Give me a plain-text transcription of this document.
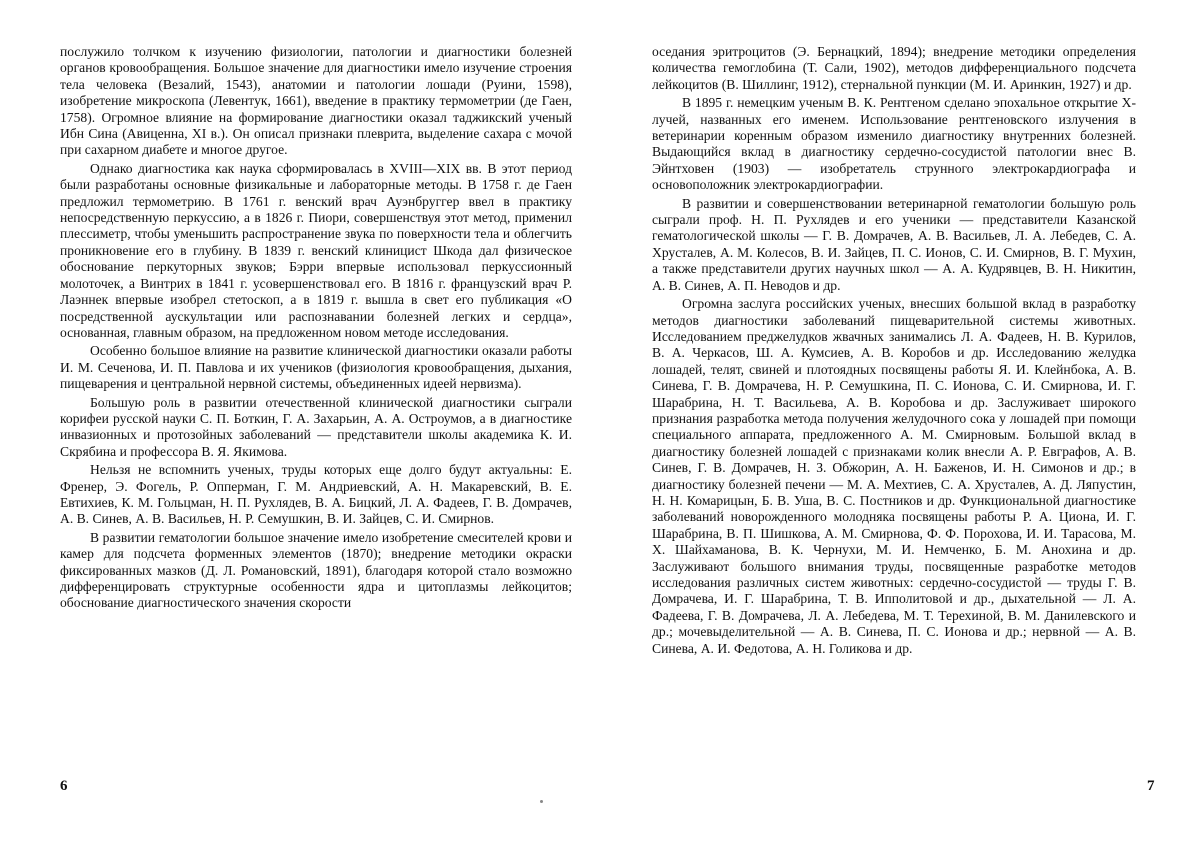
послужило толчком к изучению физиологии, патологии и диагностики болезней органов кровообращения. Большое значение для диагностики имело изучение строения тела человека (Везалий, 1543), анатомии и патологии лошади (Руини, 1598), изобретение микроскопа (Левентук, 1661), введение в практику термометрии (де Гаен, 1758). Огромное влияние на формирование диагностики оказал таджикский ученый Ибн Сина (Авиценна, XI в.). Он описал признаки плеврита, выделение сахара с мочой при сахарном диабете и многое другое.

Однако диагностика как наука сформировалась в XVIII—XIX вв. В этот период были разработаны основные физикальные и лабораторные методы. В 1758 г. де Гаен предложил термометрию. В 1761 г. венский врач Ауэнбруггер ввел в практику непосредственную перкуссию, а в 1826 г. Пиори, совершенствуя этот метод, применил плессиметр, чтобы уменьшить распространение звука по поверхности тела и облегчить проникновение его в глубину. В 1839 г. венский клиницист Шкода дал физическое обоснование перкуторных звуков; Бэрри впервые использовал перкуссионный молоточек, а Винтрих в 1841 г. усовершенствовал его. В 1816 г. французский врач Р. Лаэннек впервые изобрел стетоскоп, а в 1819 г. вышла в свет его публикация «О посредственной аускультации или распознавании болезней легких и сердца», основанная, главным образом, на предложенном новом методе исследования.

Особенно большое влияние на развитие клинической диагностики оказали работы И. М. Сеченова, И. П. Павлова и их учеников (физиология кровообращения, дыхания, пищеварения и центральной нервной системы, объединенных идеей нервизма).

Большую роль в развитии отечественной клинической диагностики сыграли корифеи русской науки С. П. Боткин, Г. А. Захарьин, А. А. Остроумов, а в диагностике инвазионных и протозойных заболеваний — представители школы академика К. И. Скрябина и профессора В. Я. Якимова.

Нельзя не вспомнить ученых, труды которых еще долго будут актуальны: Е. Френер, Э. Фогель, Р. Опперман, Г. М. Андриевский, А. Н. Макаревский, В. Е. Евтихиев, К. М. Гольцман, Н. П. Рухлядев, В. А. Бицкий, Л. А. Фадеев, Г. В. Домрачев, А. В. Синев, А. В. Васильев, Н. Р. Семушкин, В. И. Зайцев, С. И. Смирнов.

В развитии гематологии большое значение имело изобретение смесителей крови и камер для подсчета форменных элементов (1870); внедрение методики окраски фиксированных мазков (Д. Л. Романовский, 1891), благодаря которой стало возможно дифференцировать структурные особенности ядра и цитоплазмы лейкоцитов; обоснование диагностического значения скорости

оседания эритроцитов (Э. Бернацкий, 1894); внедрение методики определения количества гемоглобина (Т. Сали, 1902), методов дифференциального подсчета лейкоцитов (В. Шиллинг, 1912), стернальной пункции (М. И. Аринкин, 1927) и др.

В 1895 г. немецким ученым В. К. Рентгеном сделано эпохальное открытие Х-лучей, названных его именем. Использование рентгеновского излучения в ветеринарии коренным образом изменило диагностику внутренних болезней. Выдающийся вклад в диагностику сердечно-сосудистой патологии внес В. Эйнтховен (1903) — изобретатель струнного электрокардиографа и основоположник электрокардиографии.

В развитии и совершенствовании ветеринарной гематологии большую роль сыграли проф. Н. П. Рухлядев и его ученики — представители Казанской гематологической школы — Г. В. Домрачев, А. В. Васильев, Л. А. Лебедев, С. А. Хрусталев, А. М. Колесов, В. И. Зайцев, П. С. Ионов, С. И. Смирнов, В. Г. Мухин, а также представители других научных школ — А. А. Кудрявцев, В. Н. Никитин, А. В. Синев, А. П. Неводов и др.

Огромна заслуга российских ученых, внесших большой вклад в разработку методов диагностики заболеваний пищеварительной системы животных. Исследованием преджелудков жвачных занимались Л. А. Фадеев, Н. В. Курилов, В. А. Черкасов, Ш. А. Кумсиев, А. В. Коробов и др. Исследованию желудка лошадей, телят, свиней и плотоядных посвящены работы Я. И. Клейнбока, А. В. Синева, Г. В. Домрачева, Н. Р. Семушкина, П. С. Ионова, С. И. Смирнова, И. Г. Шарабрина, Н. Т. Васильева, А. В. Коробова и др. Заслуживает широкого признания разработка метода получения желудочного сока у лошадей при помощи специального аппарата, предложенного А. М. Смирновым. Большой вклад в диагностику болезней лошадей с признаками колик внесли А. Р. Евграфов, А. В. Синев, Г. В. Домрачев, Н. З. Обжорин, А. Н. Баженов, И. Н. Симонов и др.; в диагностику болезней печени — М. А. Мехтиев, С. А. Хрусталев, А. Д. Ляпустин, Н. Н. Комарицын, Б. В. Уша, В. С. Постников и др. Функциональной диагностике заболеваний новорожденного молодняка посвящены работы Р. А. Циона, И. Г. Шарабрина, В. П. Шишкова, А. М. Смирнова, Ф. Ф. Порохова, И. И. Тарасова, М. Х. Шайхаманова, В. К. Чернухи, М. И. Немченко, Б. М. Анохина и др. Заслуживают большого внимания труды, посвященные разработке методов исследования различных систем животных: сердечно-сосудистой — труды Г. В. Домрачева, И. Г. Шарабрина, Т. В. Ипполитовой и др., дыхательной — Л. А. Фадеева, Г. В. Домрачева, Л. А. Лебедева, М. Т. Терехиной, В. М. Данилевского и др.; мочевыделительной — А. В. Синева, П. С. Ионова и др.; нервной — А. В. Синева, А. И. Федотова, А. Н. Голикова и др.

6	7
